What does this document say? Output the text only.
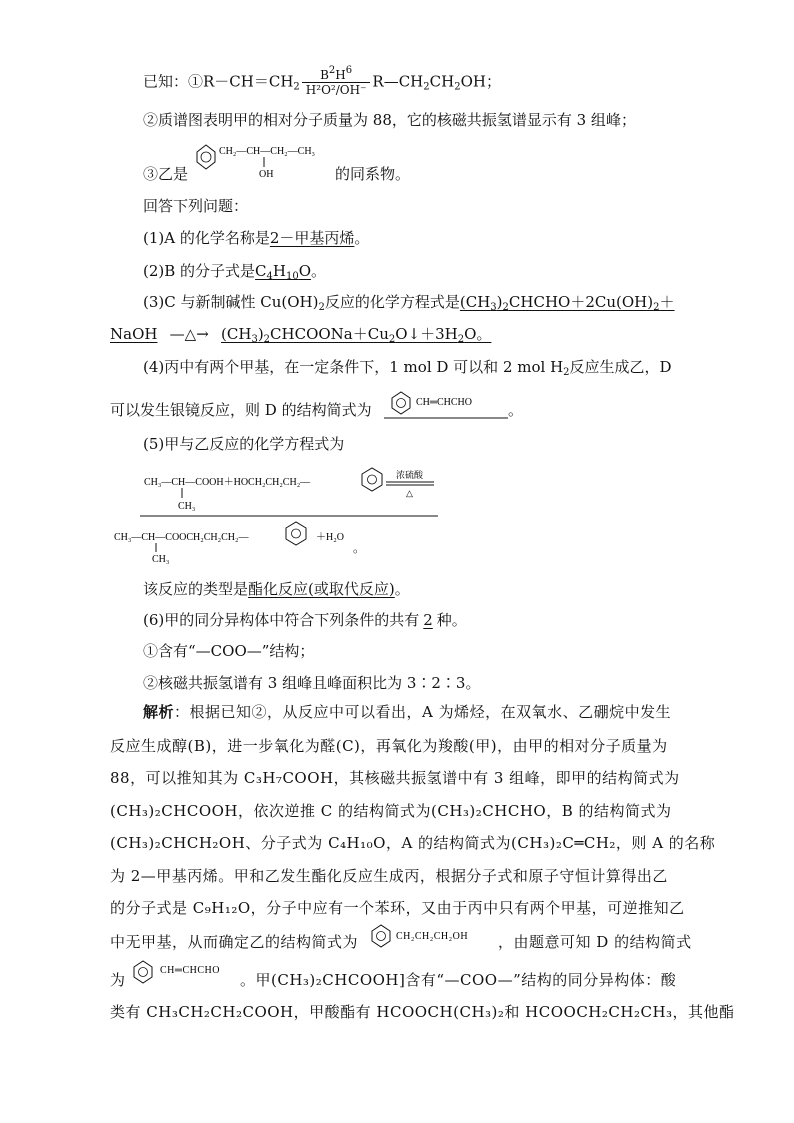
已知：$①R-CH=CH_2 \frac{B^2H^6}{\text{H²O²/OH⁻}}$ $R—CH_2CH_2OH$；
②质谱图表明甲的相对分子质量为 88，它的核磁共振氢谱显示有 3 组峰；
③乙是
CH₂—CH—CH₂—CH₃
OH	的同系物。
回答下列问题：
(1)A 的化学名称是2－甲基丙烯。
(2)B 的分子式是$C_4H_{10}O$。
(3)C 与新制碱性 $Cu(OH)_2$反应的化学方程式是$(CH_3)_2CHCHO+2Cu(OH)_2+$
NaOH —△→ $(CH_3)_2CHCOONa+Cu_2O↓+3H_2O$。
(4)丙中有两个甲基，在一定条件下，1 mol D 可以和 2 mol $H_2$反应生成乙，D
可以发生银镜反应，则 D 的结构简式为	CH═CHCHO 。
(5)甲与乙反应的化学方程式为
CH₃—CH—COOH＋HOCH₂CH₂CH₂—
CH₃
浓硫酸
△
CH₃—CH—COOCH₂CH₂CH₂—
CH₃
＋H₂O
。
该反应的类型是酯化反应(或取代反应)。
(6)甲的同分异构体中符合下列条件的共有 2 种。
①含有“—COO—”结构；
②核磁共振氢谱有 3 组峰且峰面积比为 3∶2∶3。
解析：根据已知②，从反应中可以看出，A 为烯烃，在双氧水、乙硼烷中发生
反应生成醇(B)，进一步氧化为醛(C)，再氧化为羧酸(甲)，由甲的相对分子质量为
88，可以推知其为 C₃H₇COOH，其核磁共振氢谱中有 3 组峰，即甲的结构简式为
(CH₃)₂CHCOOH，依次逆推 C 的结构简式为(CH₃)₂CHCHO，B 的结构简式为
(CH₃)₂CHCH₂OH、分子式为 C₄H₁₀O，A 的结构简式为(CH₃)₂C═CH₂，则 A 的名称
为 2—甲基丙烯。甲和乙发生酯化反应生成丙，根据分子式和原子守恒计算得出乙
的分子式是 C₉H₁₂O，分子中应有一个苯环，又由于丙中只有两个甲基，可逆推知乙
中无甲基，从而确定乙的结构简式为	CH₂CH₂CH₂OH ，由题意可知 D 的结构简式
为
CH═CHCHO
。甲(CH₃)₂CHCOOH]含有“—COO—”结构的同分异构体：酸
类有 CH₃CH₂CH₂COOH，甲酸酯有 HCOOCH(CH₃)₂和 HCOOCH₂CH₂CH₃，其他酯
